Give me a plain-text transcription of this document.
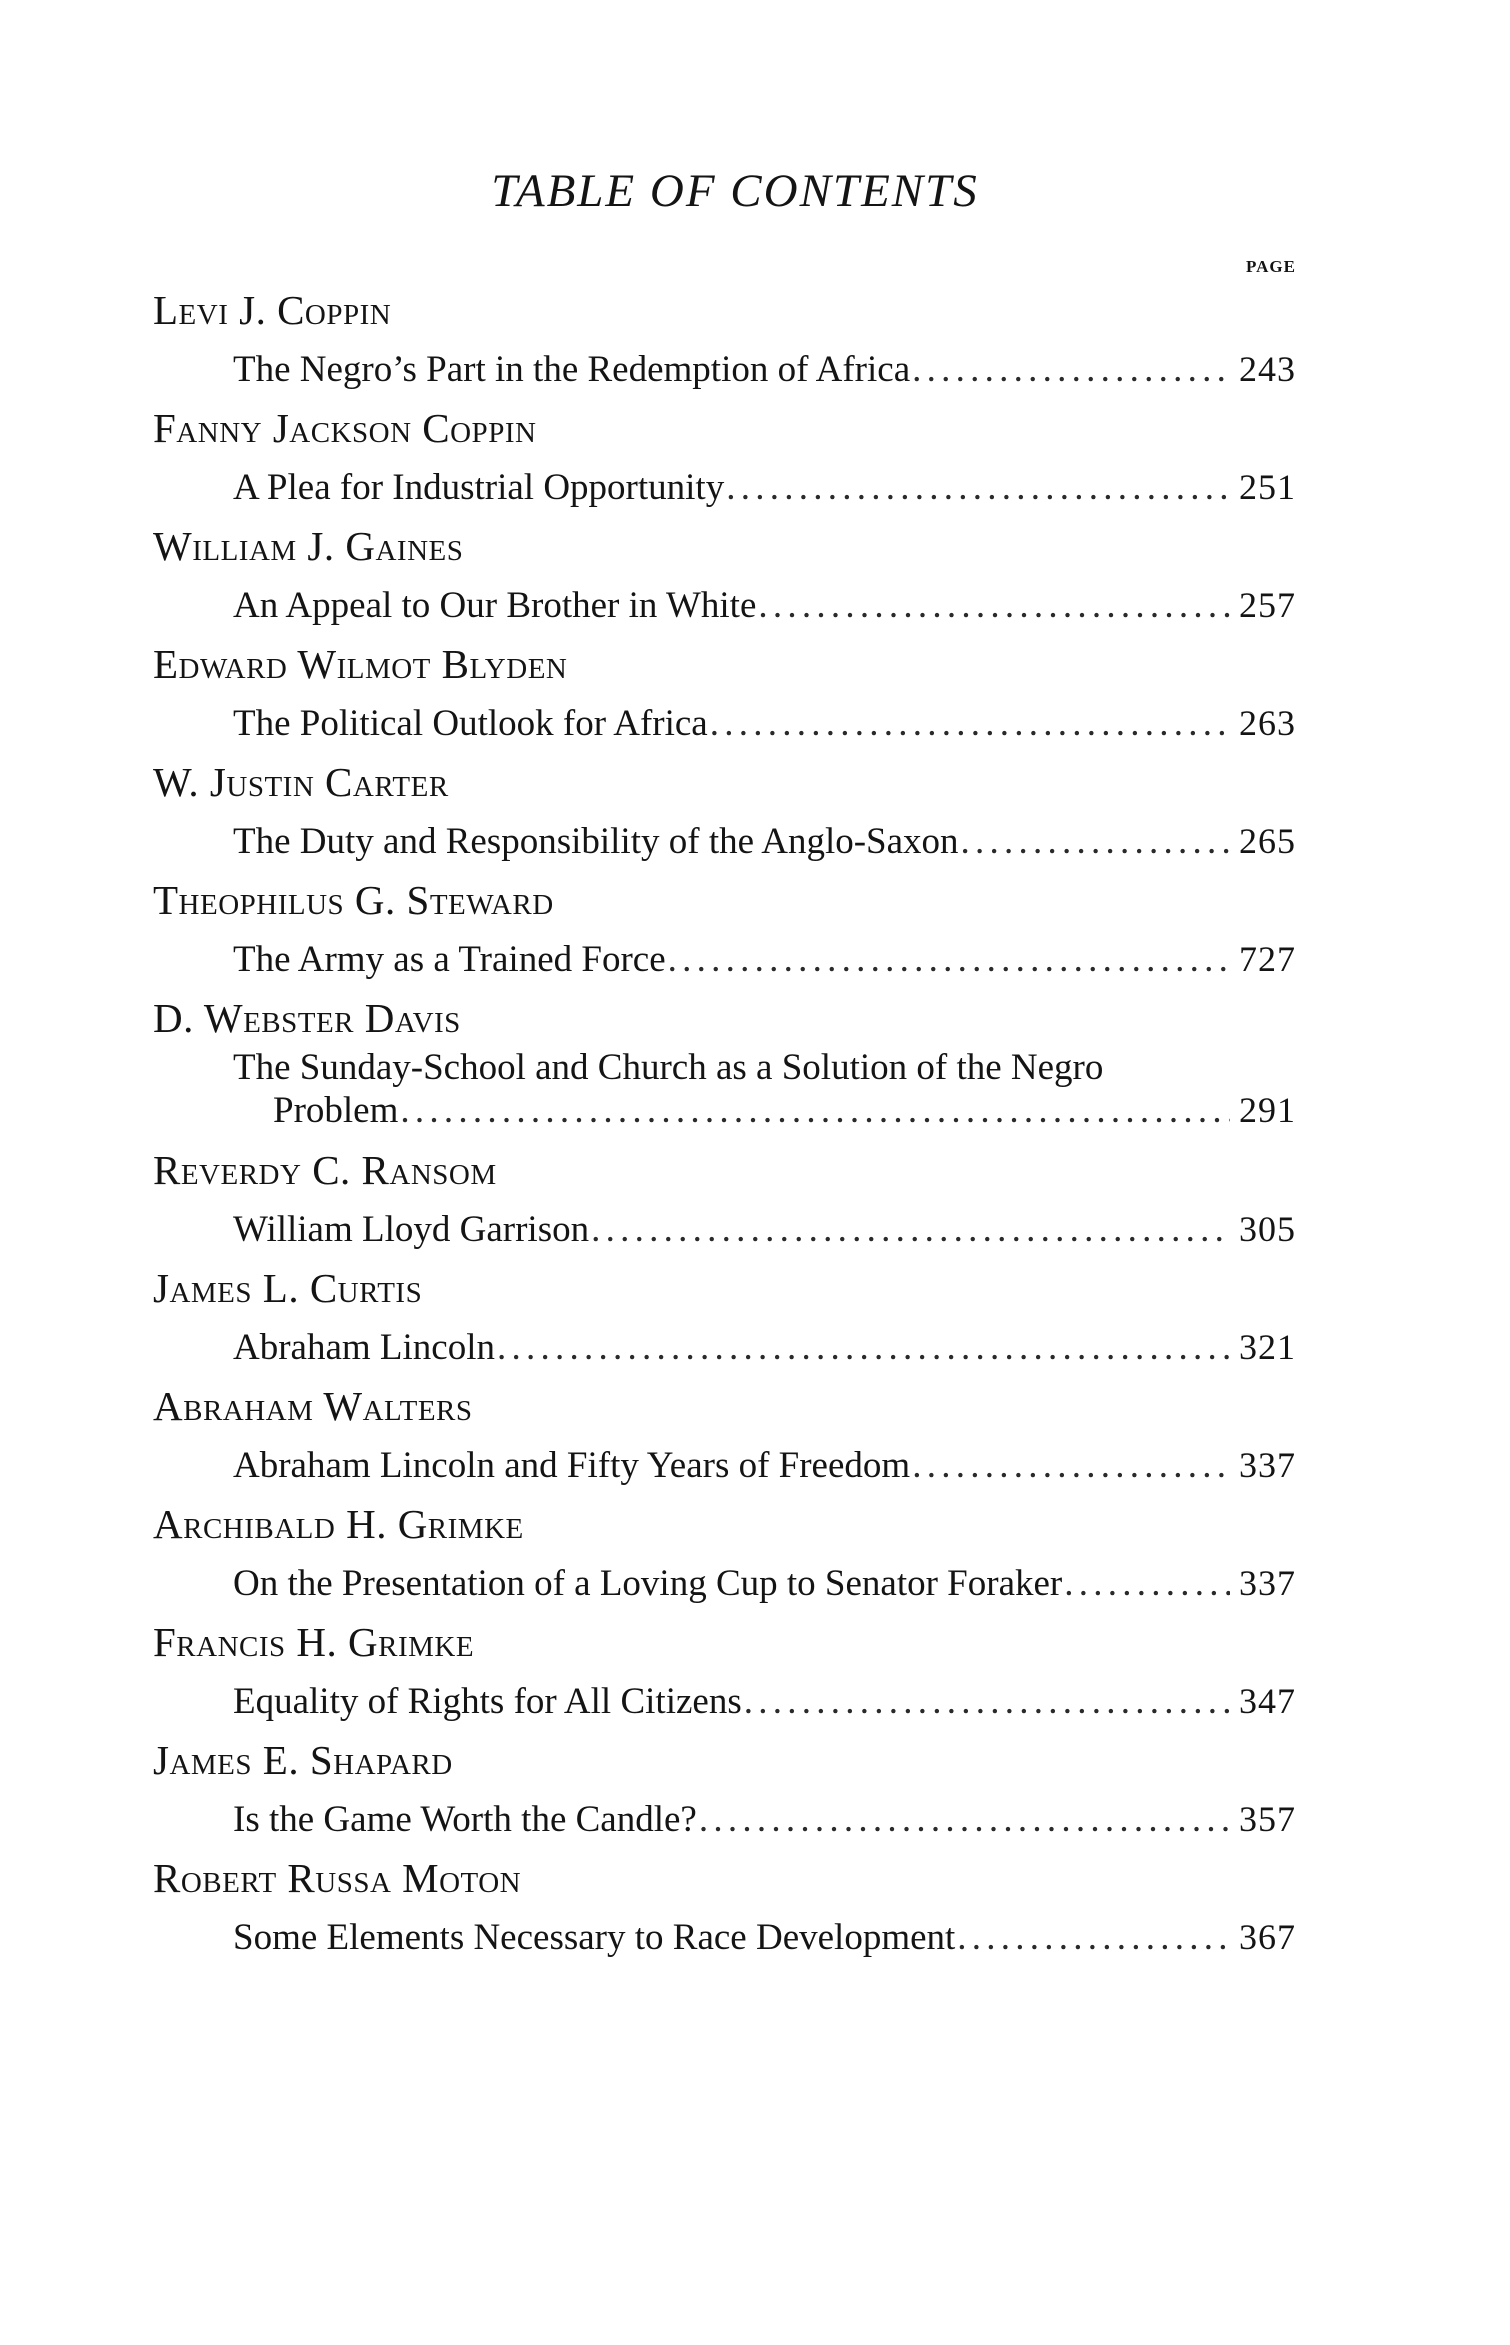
TABLE OF CONTENTS
PAGE
Levi J. Coppin
The Negro’s Part in the Redemption of Africa . . .	243
Fanny Jackson Coppin
A Plea for Industrial Opportunity . . .	251
William J. Gaines
An Appeal to Our Brother in White . . .	257
Edward Wilmot Blyden
The Political Outlook for Africa . . .	263
W. Justin Carter
The Duty and Responsibility of the Anglo-Saxon . . .	265
Theophilus G. Steward
The Army as a Trained Force . . .	727
D. Webster Davis
The Sunday-School and Church as a Solution of the Negro
Problem . . .	291
Reverdy C. Ransom
William Lloyd Garrison . . .	305
James L. Curtis
Abraham Lincoln . . .	321
Abraham Walters
Abraham Lincoln and Fifty Years of Freedom . . .	337
Archibald H. Grimke
On the Presentation of a Loving Cup to Senator Foraker . . .	337
Francis H. Grimke
Equality of Rights for All Citizens . . .	347
James E. Shapard
Is the Game Worth the Candle? . . .	357
Robert Russa Moton
Some Elements Necessary to Race Development . . .	367
